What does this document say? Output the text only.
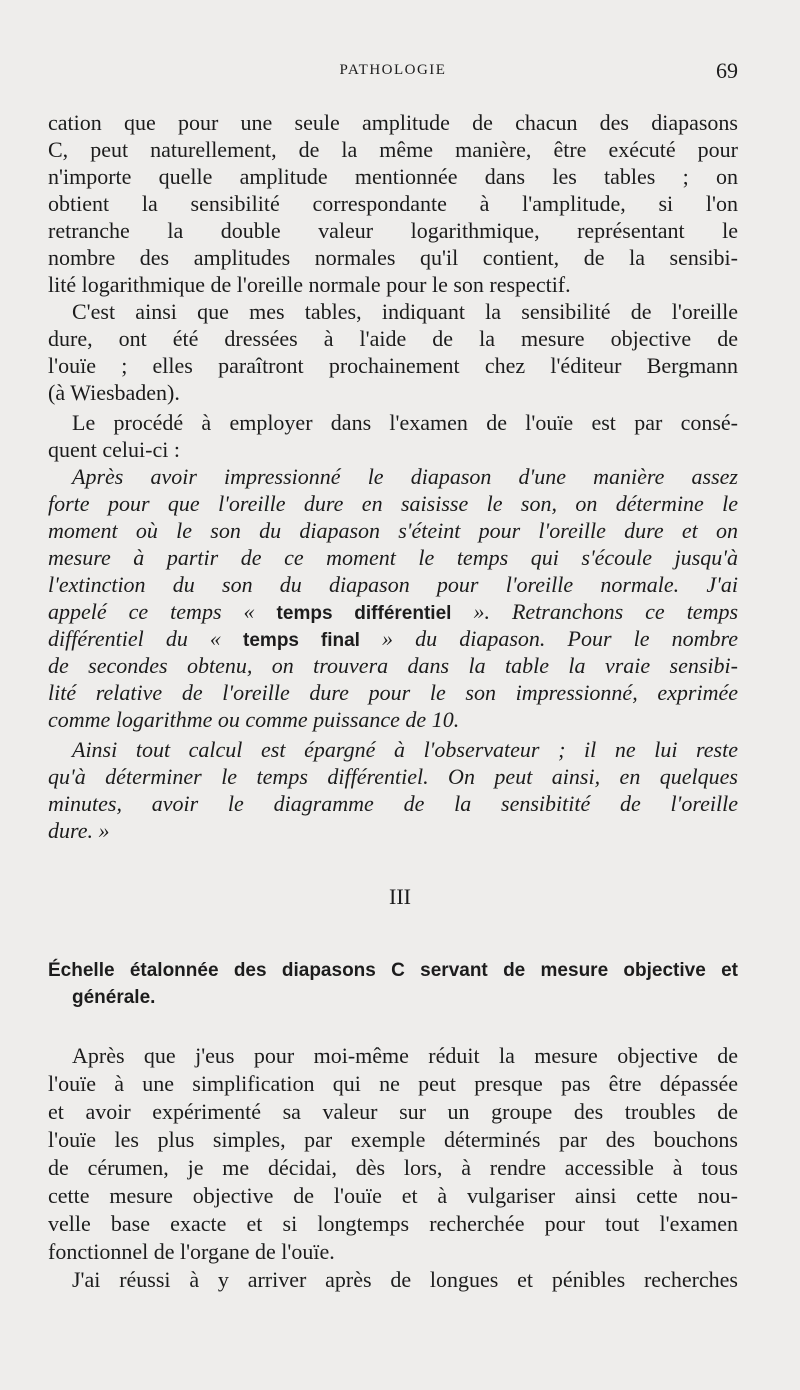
PATHOLOGIE	69
cation que pour une seule amplitude de chacun des diapasons
C, peut naturellement, de la même manière, être exécuté pour
n'importe quelle amplitude mentionnée dans les tables ; on
obtient la sensibilité correspondante à l'amplitude, si l'on
retranche la double valeur logarithmique, représentant le
nombre des amplitudes normales qu'il contient, de la sensibi-
lité logarithmique de l'oreille normale pour le son respectif.
C'est ainsi que mes tables, indiquant la sensibilité de l'oreille
dure, ont été dressées à l'aide de la mesure objective de
l'ouïe ; elles paraîtront prochainement chez l'éditeur Bergmann
(à Wiesbaden).
Le procédé à employer dans l'examen de l'ouïe est par consé-
quent celui-ci :
Après avoir impressionné le diapason d'une manière assez
forte pour que l'oreille dure en saisisse le son, on détermine le
moment où le son du diapason s'éteint pour l'oreille dure et on
mesure à partir de ce moment le temps qui s'écoule jusqu'à
l'extinction du son du diapason pour l'oreille normale. J'ai
appelé ce temps « temps différentiel ». Retranchons ce temps
différentiel du « temps final » du diapason. Pour le nombre
de secondes obtenu, on trouvera dans la table la vraie sensibi-
lité relative de l'oreille dure pour le son impressionné, exprimée
comme logarithme ou comme puissance de 10.
Ainsi tout calcul est épargné à l'observateur ; il ne lui reste
qu'à déterminer le temps différentiel. On peut ainsi, en quelques
minutes, avoir le diagramme de la sensibitité de l'oreille
dure. »
III
Échelle étalonnée des diapasons C servant de mesure objective et
générale.
Après que j'eus pour moi-même réduit la mesure objective de
l'ouïe à une simplification qui ne peut presque pas être dépassée
et avoir expérimenté sa valeur sur un groupe des troubles de
l'ouïe les plus simples, par exemple déterminés par des bouchons
de cérumen, je me décidai, dès lors, à rendre accessible à tous
cette mesure objective de l'ouïe et à vulgariser ainsi cette nou-
velle base exacte et si longtemps recherchée pour tout l'examen
fonctionnel de l'organe de l'ouïe.
J'ai réussi à y arriver après de longues et pénibles recherches
